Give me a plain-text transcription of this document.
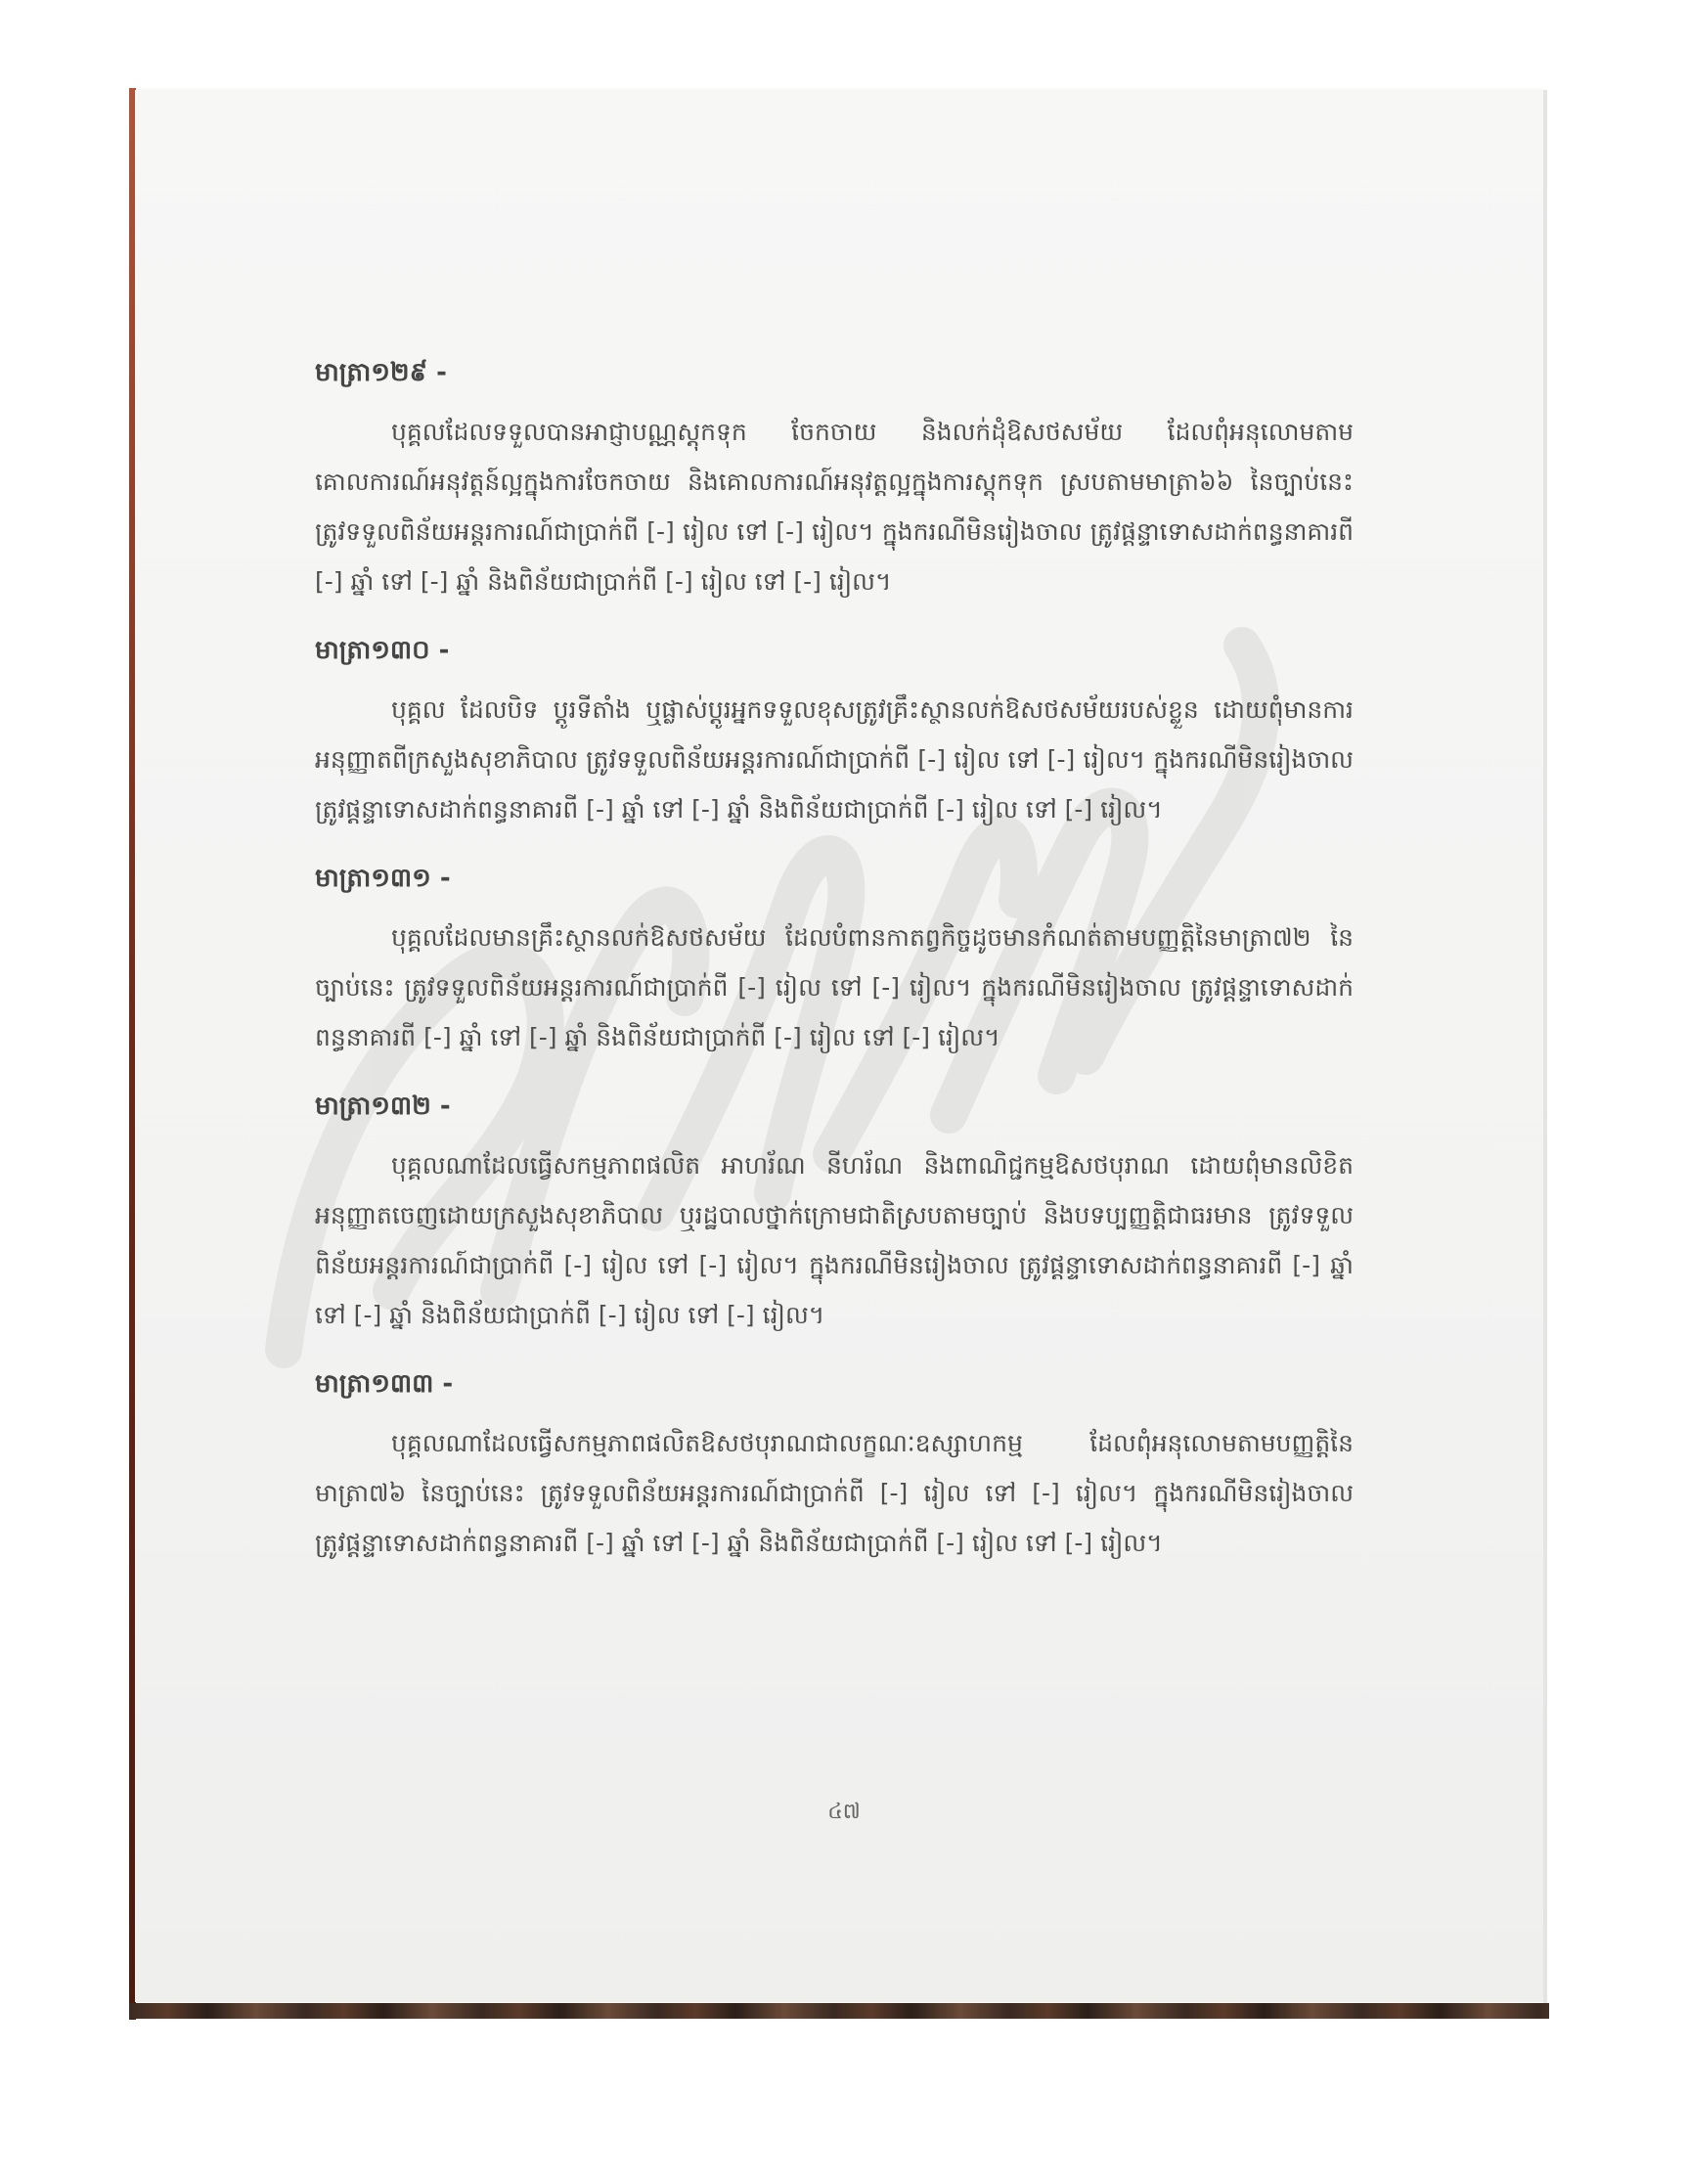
មាត្រា១២៩ -

បុគ្គលដែលទទួលបានអាជ្ញាបណ្ណស្តុកទុក ចែកចាយ និងលក់ដុំឱសថសម័យ ដែលពុំអនុលោមតាមគោលការណ៍អនុវត្តន៍ល្អក្នុងការចែកចាយ និងគោលការណ៍អនុវត្តល្អក្នុងការស្តុកទុក ស្របតាមមាត្រា៦៦ នៃច្បាប់នេះ ត្រូវទទួលពិន័យអន្តរការណ៍ជាប្រាក់ពី [-] រៀល ទៅ [-] រៀល។ ក្នុងករណីមិនរៀងចាល ត្រូវផ្តន្ទាទោសដាក់ពន្ធនាគារពី [-] ឆ្នាំ ទៅ [-] ឆ្នាំ និងពិន័យជាប្រាក់ពី [-] រៀល ទៅ [-] រៀល។

មាត្រា១៣០ -

បុគ្គល ដែលបិទ ប្តូរទីតាំង ឬផ្លាស់ប្តូរអ្នកទទួលខុសត្រូវគ្រឹះស្ថានលក់ឱសថសម័យរបស់ខ្លួន ដោយពុំមានការអនុញ្ញាតពីក្រសួងសុខាភិបាល ត្រូវទទួលពិន័យអន្តរការណ៍ជាប្រាក់ពី [-] រៀល ទៅ [-] រៀល។ ក្នុងករណីមិនរៀងចាល ត្រូវផ្តន្ទាទោសដាក់ពន្ធនាគារពី [-] ឆ្នាំ ទៅ [-] ឆ្នាំ និងពិន័យជាប្រាក់ពី [-] រៀល ទៅ [-] រៀល។

មាត្រា១៣១ -

បុគ្គលដែលមានគ្រឹះស្ថានលក់ឱសថសម័យ ដែលបំពានកាតព្វកិច្ចដូចមានកំណត់តាមបញ្ញត្តិនៃមាត្រា៧២ នៃច្បាប់នេះ ត្រូវទទួលពិន័យអន្តរការណ៍ជាប្រាក់ពី [-] រៀល ទៅ [-] រៀល។ ក្នុងករណីមិនរៀងចាល ត្រូវផ្តន្ទាទោសដាក់ពន្ធនាគារពី [-] ឆ្នាំ ទៅ [-] ឆ្នាំ និងពិន័យជាប្រាក់ពី [-] រៀល ទៅ [-] រៀល។

មាត្រា១៣២ -

បុគ្គលណាដែលធ្វើសកម្មភាពផលិត អាហរ័ណ នីហរ័ណ និងពាណិជ្ជកម្មឱសថបុរាណ ដោយពុំមានលិខិតអនុញ្ញាតចេញដោយក្រសួងសុខាភិបាល ឬរដ្ឋបាលថ្នាក់ក្រោមជាតិស្របតាមច្បាប់ និងបទប្បញ្ញត្តិជាធរមាន ត្រូវទទួលពិន័យអន្តរការណ៍ជាប្រាក់ពី [-] រៀល ទៅ [-] រៀល។ ក្នុងករណីមិនរៀងចាល ត្រូវផ្តន្ទាទោសដាក់ពន្ធនាគារពី [-] ឆ្នាំ ទៅ [-] ឆ្នាំ និងពិន័យជាប្រាក់ពី [-] រៀល ទៅ [-] រៀល។

មាត្រា១៣៣ -

បុគ្គលណាដែលធ្វើសកម្មភាពផលិតឱសថបុរាណជាលក្ខណៈឧស្សាហកម្ម ដែលពុំអនុលោមតាមបញ្ញត្តិនៃមាត្រា៧៦ នៃច្បាប់នេះ ត្រូវទទួលពិន័យអន្តរការណ៍ជាប្រាក់ពី [-] រៀល ទៅ [-] រៀល។ ក្នុងករណីមិនរៀងចាល ត្រូវផ្តន្ទាទោសដាក់ពន្ធនាគារពី [-] ឆ្នាំ ទៅ [-] ឆ្នាំ និងពិន័យជាប្រាក់ពី [-] រៀល ទៅ [-] រៀល។

៤៧
